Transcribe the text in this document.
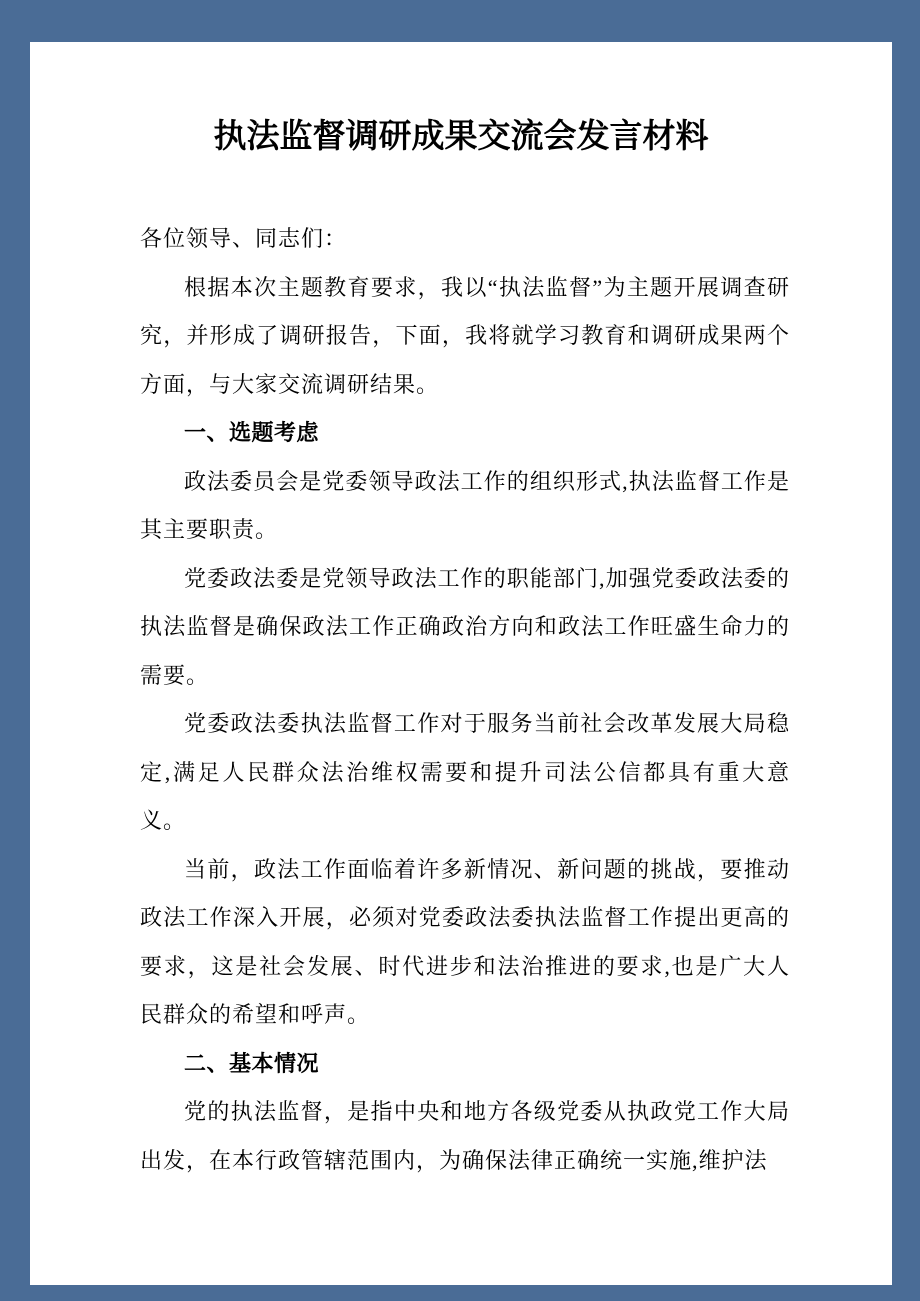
执法监督调研成果交流会发言材料

各位领导、同志们：

根据本次主题教育要求，我以“执法监督”为主题开展调查研究，并形成了调研报告，下面，我将就学习教育和调研成果两个方面，与大家交流调研结果。

一、选题考虑

政法委员会是党委领导政法工作的组织形式,执法监督工作是其主要职责。

党委政法委是党领导政法工作的职能部门,加强党委政法委的执法监督是确保政法工作正确政治方向和政法工作旺盛生命力的需要。

党委政法委执法监督工作对于服务当前社会改革发展大局稳定,满足人民群众法治维权需要和提升司法公信都具有重大意义。

当前，政法工作面临着许多新情况、新问题的挑战，要推动政法工作深入开展，必须对党委政法委执法监督工作提出更高的要求，这是社会发展、时代进步和法治推进的要求,也是广大人民群众的希望和呼声。

二、基本情况

党的执法监督，是指中央和地方各级党委从执政党工作大局出发，在本行政管辖范围内，为确保法律正确统一实施,维护法
